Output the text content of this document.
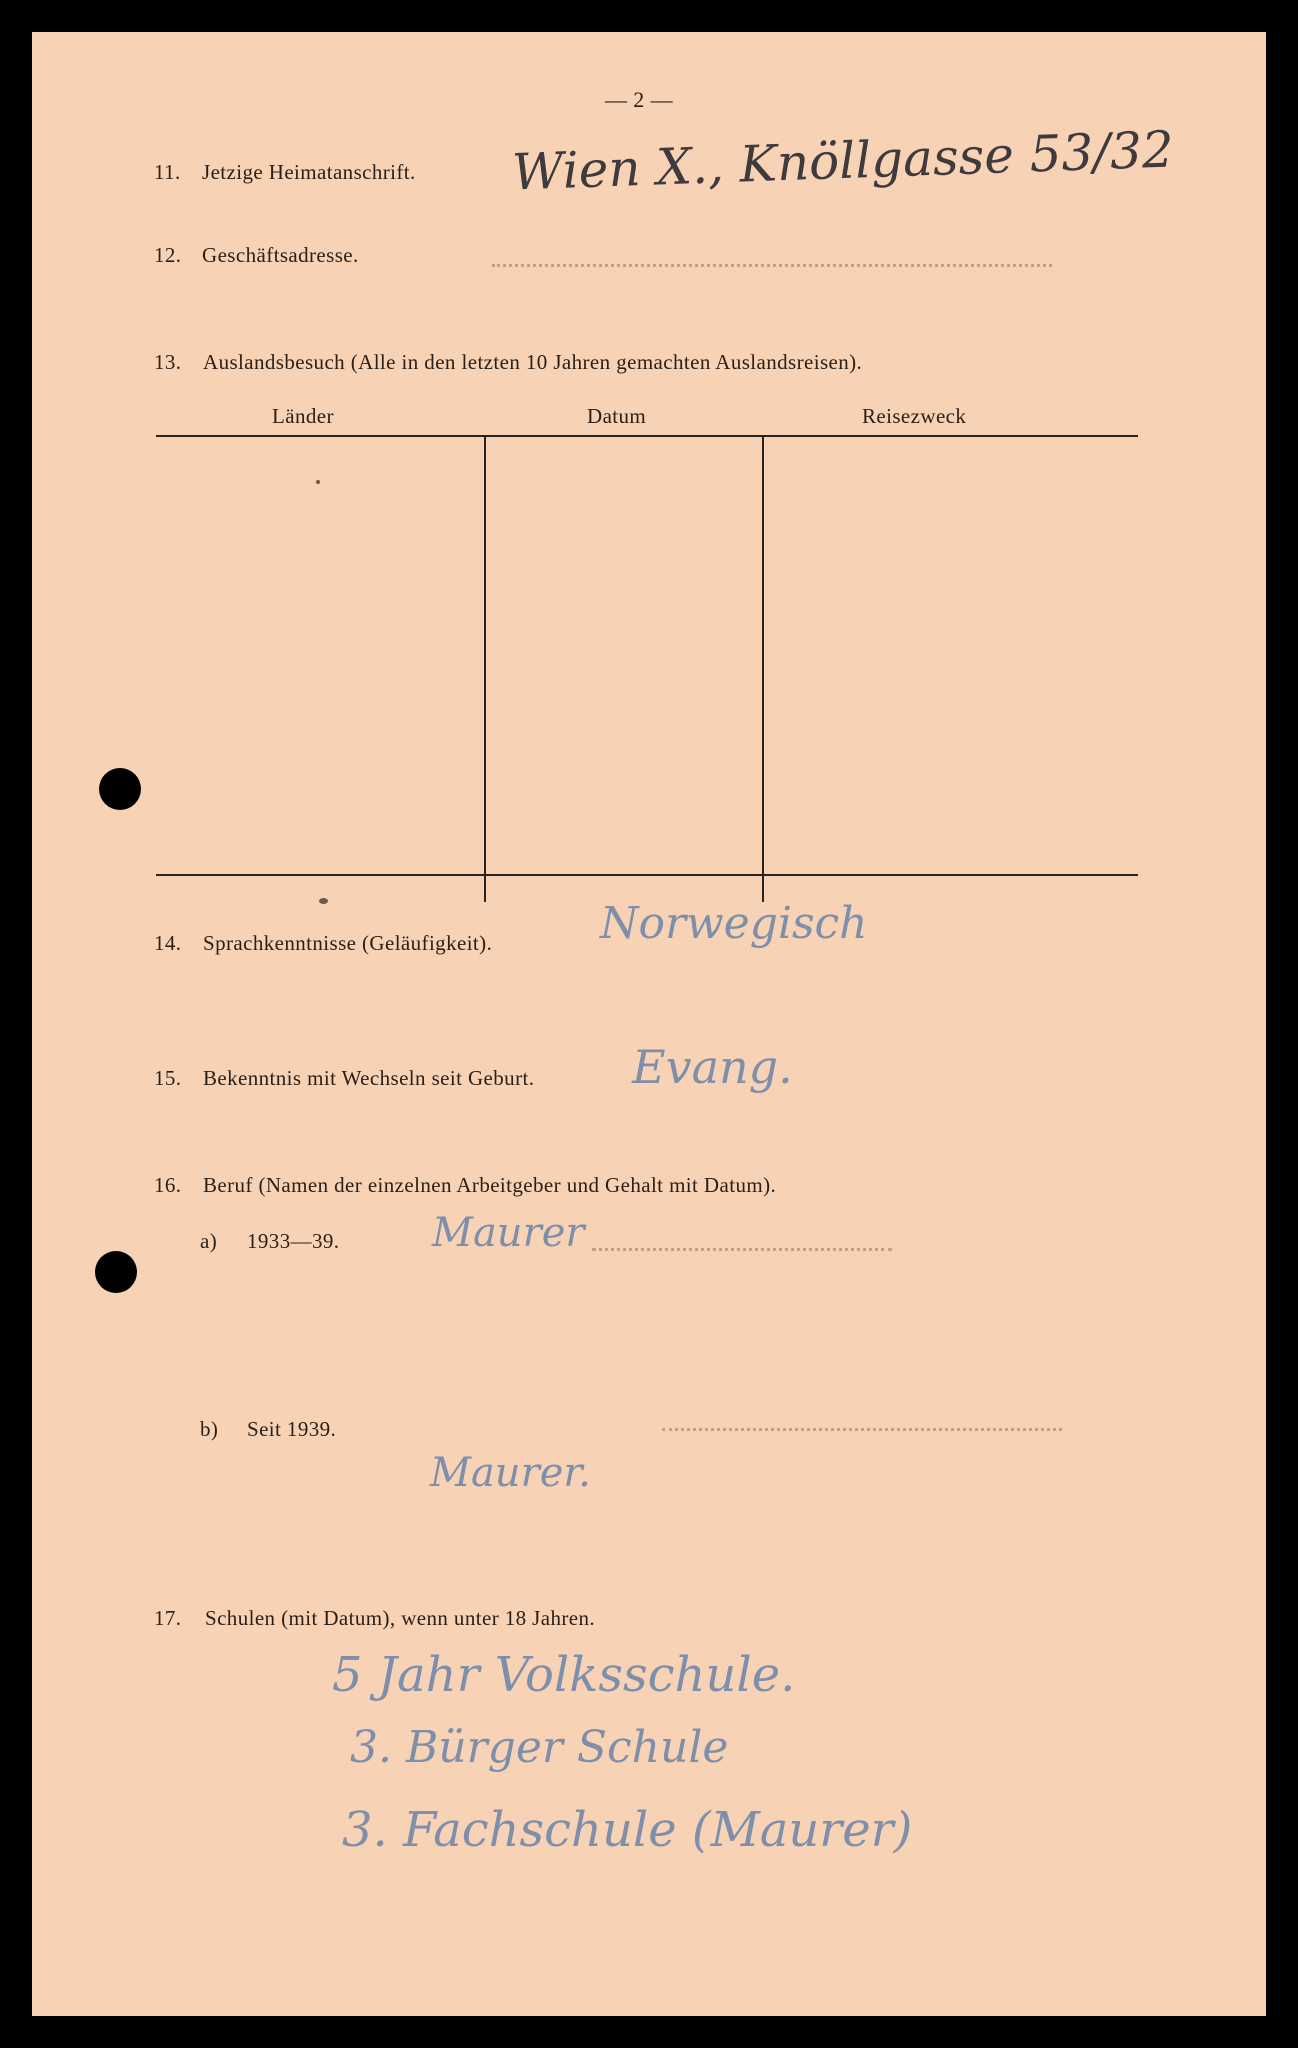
— 2 —
11. Jetzige Heimatanschrift. Wien X., Knöllgasse 53/32
12. Geschäftsadresse.
13. Auslandsbesuch (Alle in den letzten 10 Jahren gemachten Auslandsreisen).
Länder	Datum	Reisezweck
14. Sprachkenntnisse (Geläufigkeit). Norwegisch
15. Bekenntnis mit Wechseln seit Geburt. Evang.
16. Beruf (Namen der einzelnen Arbeitgeber und Gehalt mit Datum).
a) 1933—39. Maurer
b) Seit 1939.
Maurer.
17. Schulen (mit Datum), wenn unter 18 Jahren.
5 Jahr Volksschule.
3. Bürger Schule
3. Fachschule (Maurer)
